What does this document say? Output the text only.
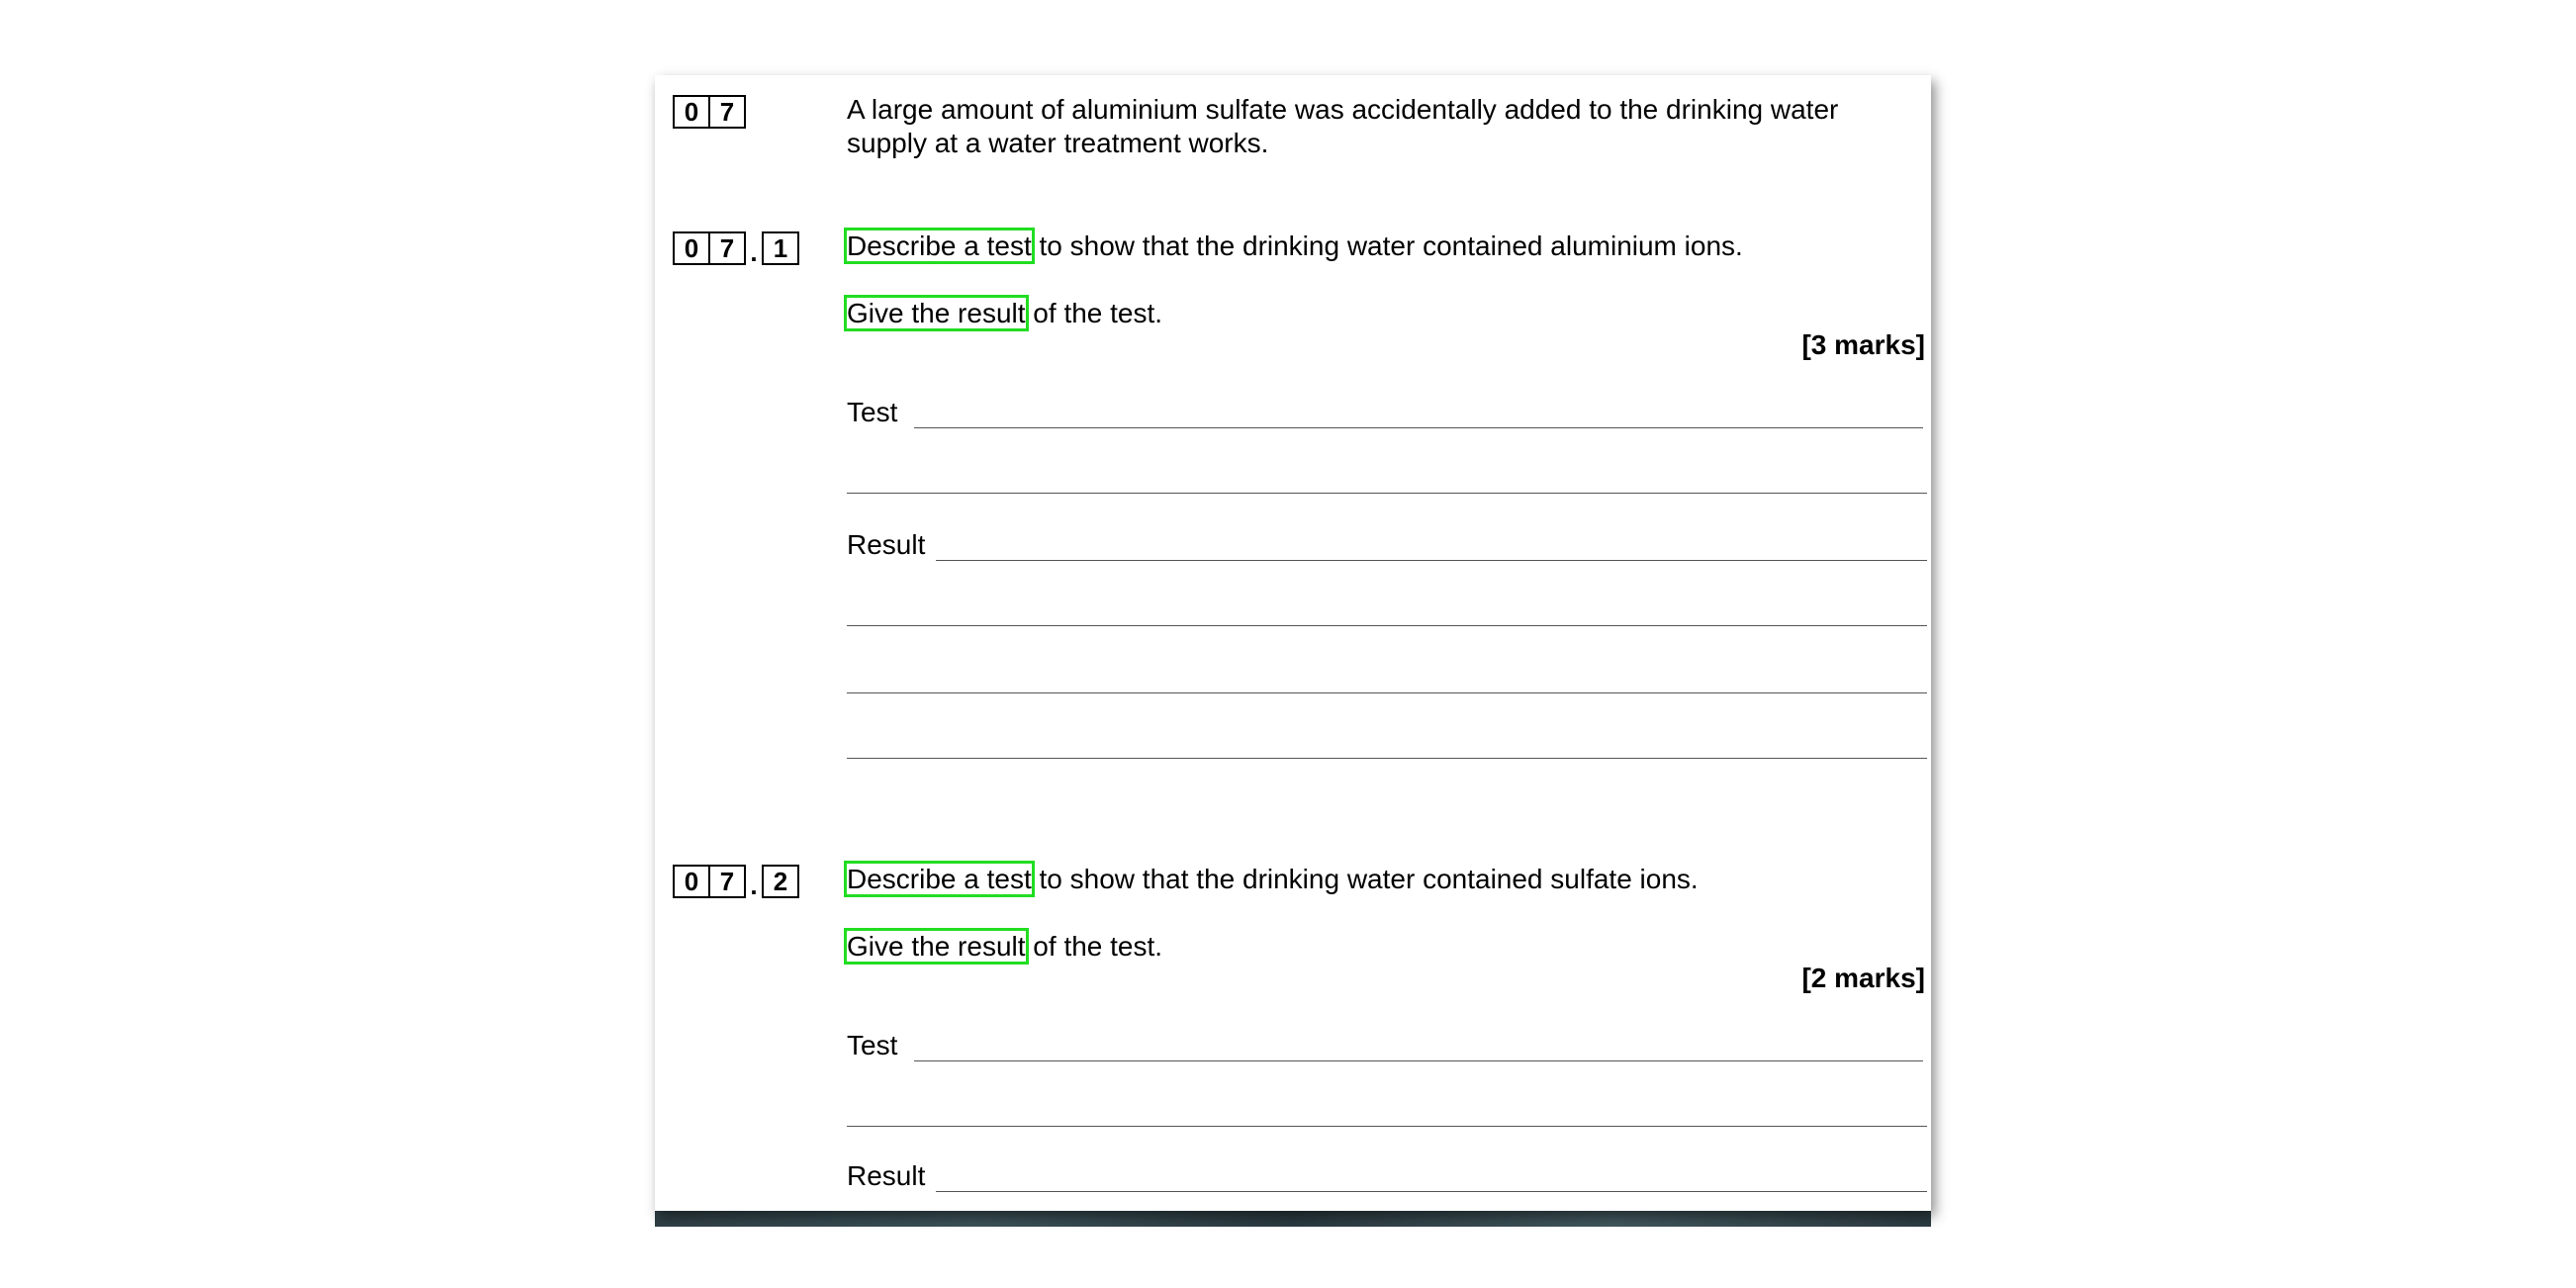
0 7	A large amount of aluminium sulfate was accidentally added to the drinking water
supply at a water treatment works.
0 7 . 1	Describe a test to show that the drinking water contained aluminium ions.
Give the result of the test.
[3 marks]
Test
Result
0 7 . 2	Describe a test to show that the drinking water contained sulfate ions.
Give the result of the test.
[2 marks]
Test
Result
